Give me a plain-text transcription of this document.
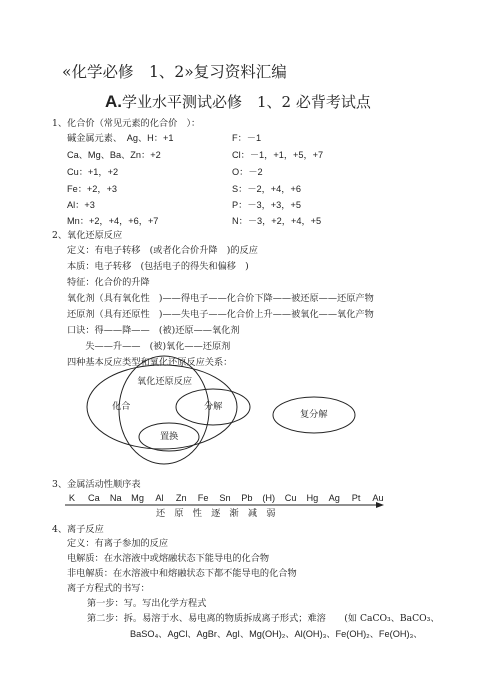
«化学必修　1、2»复习资料汇编
A.学业水平测试必修　1、2 必背考试点
1、化合价（常见元素的化合价　）：
碱金属元素、　Ag、H：+1	F：－1
Ca、Mg、Ba、Zn：+2	Cl：－1，+1，+5，+7
Cu：+1，+2	O：－2
Fe：+2，+3	S：－2，+4，+6
Al：+3	P：－3，+3，+5
Mn：+2，+4，+6，+7	N：－3，+2，+4，+5
2、氧化还原反应
定义：有电子转移　(或者化合价升降　)的反应
本质：电子转移　(包括电子的得失和偏移　)
特征：化合价的升降
氧化剂（具有氧化性　)——得电子——化合价下降——被还原——还原产物
还原剂（具有还原性　)——失电子——化合价上升——被氧化——氧化产物
口诀：得——降——　(被)还原——氧化剂
　　失——升——　(被)氧化——还原剂
四种基本反应类型和氧化还原反应关系：
氧化还原反应
化合	分解
置换
复分解
3、金属活动性顺序表
K Ca Na Mg Al Zn Fe Sn Pb (H) Cu Hg Ag Pt Au
还　原　性　逐　渐　减　弱
4、离子反应
定义：有离子参加的反应
电解质：在水溶液中或熔融状态下能导电的化合物
非电解质：在水溶液中和熔融状态下都不能导电的化合物
离子方程式的书写：
第一步：写。写出化学方程式
第二步：拆。易溶于水、易电离的物质拆成离子形式；难溶　　(如 CaCO₃、BaCO₃、
BaSO₄、AgCl、AgBr、AgI、Mg(OH)₂、Al(OH)₃、Fe(OH)₂、Fe(OH)₃、
